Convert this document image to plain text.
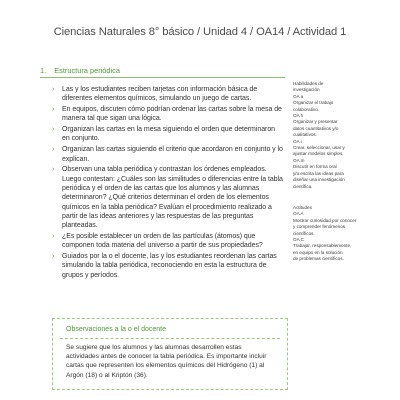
Ciencias Naturales 8° básico / Unidad 4 / OA14 / Actividad 1
1. Estructura periódica
› Las y los estudiantes reciben tarjetas con información básica de diferentes elementos químicos, simulando un juego de cartas.
› En equipos, discuten cómo podrían ordenar las cartas sobre la mesa de manera tal que sigan una lógica.
› Organizan las cartas en la mesa siguiendo el orden que determinaron en conjunto.
› Organizan las cartas siguiendo el criterio que acordaron en conjunto y lo explican.
› Observan una tabla periódica y contrastan los órdenes empleados. Luego contestan: ¿Cuáles son las similitudes o diferencias entre la tabla periódica y el orden de las cartas que los alumnos y las alumnas determinaron? ¿Qué criterios determinan el orden de los elementos químicos en la tabla periódica? Evalúan el procedimiento realizado a partir de las ideas anteriores y las respuestas de las preguntas planteadas.
› ¿Es posible establecer un orden de las partículas (átomos) que componen toda materia del universo a partir de sus propiedades?
› Guiados por la o el docente, las y los estudiantes reordenan las cartas simulando la tabla periódica, reconociendo en esta la estructura de grupos y períodos.

Habilidades de

investigación

OA a

Organizar el trabajo

colaborativo.

OA h

Organizar y presentar

datos cuantitativos y/o

cualitativos.

OA i

Crear, seleccionar, usar y

ajustar modelos simples.

OA m

Discutir en forma oral

y/o escrita las ideas para

diseñar una investigación

científica.

Actitudes

OA A

Mostrar curiosidad por conocer

y comprender fenómenos

científicos.

OA C

Trabajar, responsablemente,

en equipo en la solución

de problemas científicos.

Observaciones a la o el docente

Se sugiere que los alumnos y las alumnas desarrollen estas actividades antes de conocer la tabla periódica. Es importante incluir cartas que representen los elementos químicos del Hidrógeno (1) al Argón (18) o al Kriptón (36).
